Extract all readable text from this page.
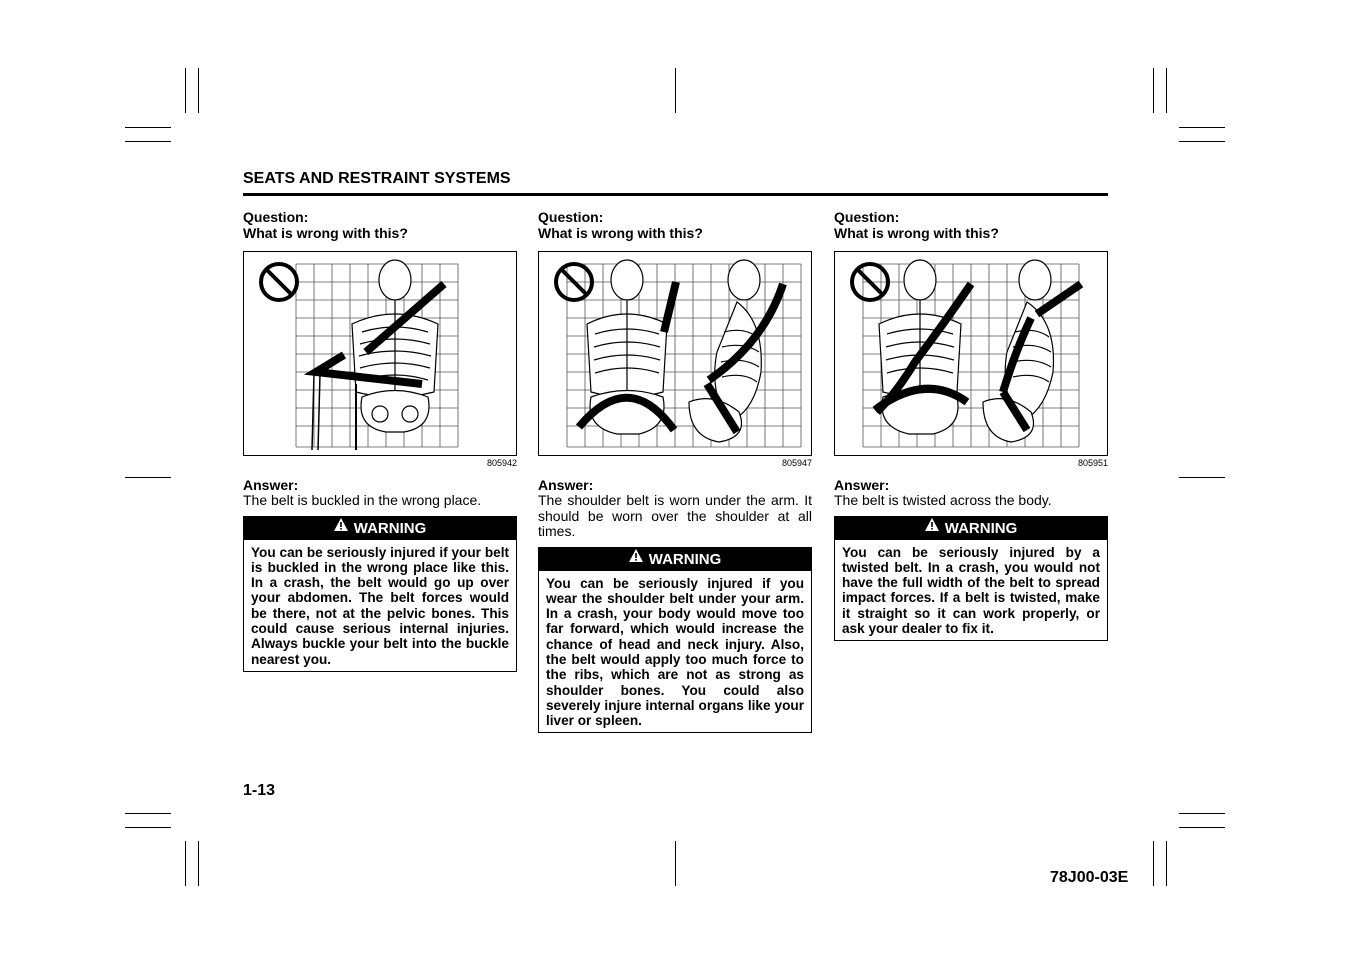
SEATS AND RESTRAINT SYSTEMS
Question:
What is wrong with this?
805942
Answer:
The belt is buckled in the wrong place.
WARNING
You can be seriously injured if your belt is buckled in the wrong place like this. In a crash, the belt would go up over your abdomen. The belt forces would be there, not at the pelvic bones. This could cause serious internal injuries. Always buckle your belt into the buckle nearest you.
Question:
What is wrong with this?
805947
Answer:
The shoulder belt is worn under the arm. It should be worn over the shoulder at all times.
WARNING
You can be seriously injured if you wear the shoulder belt under your arm. In a crash, your body would move too far forward, which would increase the chance of head and neck injury. Also, the belt would apply too much force to the ribs, which are not as strong as shoulder bones. You could also severely injure internal organs like your liver or spleen.
Question:
What is wrong with this?
805951
Answer:
The belt is twisted across the body.
WARNING
You can be seriously injured by a twisted belt. In a crash, you would not have the full width of the belt to spread impact forces. If a belt is twisted, make it straight so it can work properly, or ask your dealer to fix it.
1-13
78J00-03E
